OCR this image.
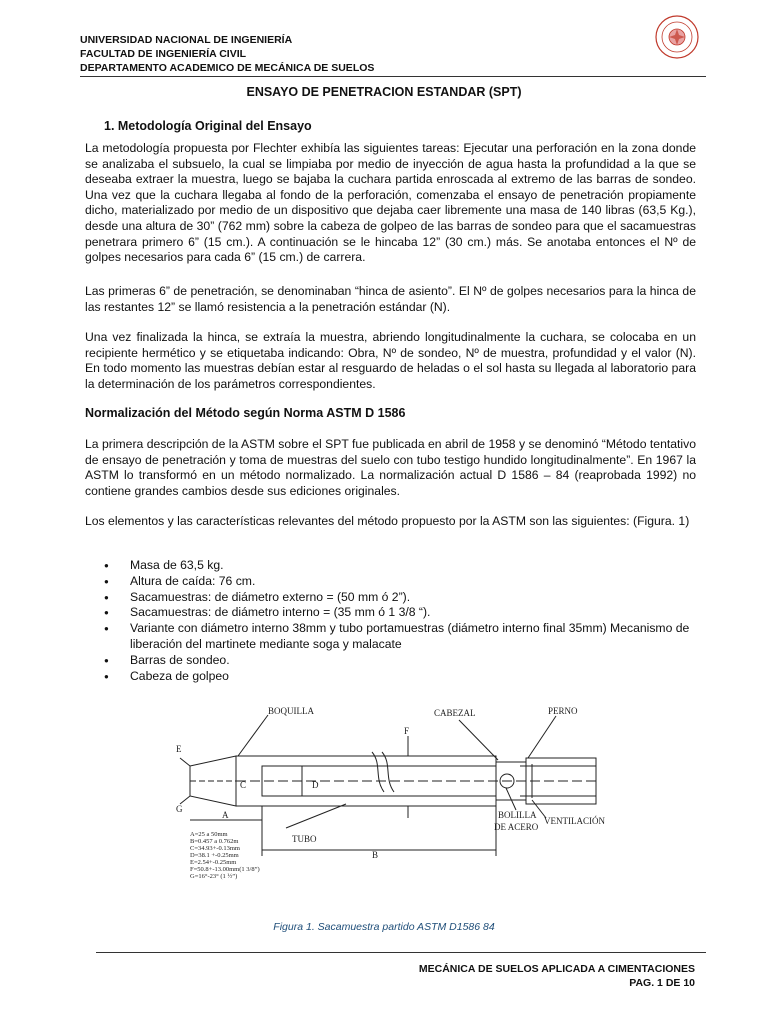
UNIVERSIDAD NACIONAL DE INGENIERÍA
FACULTAD DE INGENIERÍA CIVIL
DEPARTAMENTO ACADEMICO DE MECÁNICA DE SUELOS
ENSAYO DE PENETRACION ESTANDAR (SPT)
1. Metodología Original del Ensayo

La metodología propuesta por Flechter exhibía las siguientes tareas: Ejecutar una perforación en la zona donde se analizaba el subsuelo, la cual se limpiaba por medio de inyección de agua hasta la profundidad a la que se deseaba extraer la muestra, luego se bajaba la cuchara partida enroscada al extremo de las barras de sondeo. Una vez que la cuchara llegaba al fondo de la perforación, comenzaba el ensayo de penetración propiamente dicho, materializado por medio de un dispositivo que dejaba caer libremente una masa de 140 libras (63,5 Kg.), desde una altura de 30” (762 mm) sobre la cabeza de golpeo de las barras de sondeo para que el sacamuestras penetrara primero 6” (15 cm.). A continuación se le hincaba 12” (30 cm.) más. Se anotaba entonces el Nº de golpes necesarios para cada 6” (15 cm.) de carrera.

Las primeras 6” de penetración, se denominaban “hinca de asiento”. El Nº de golpes necesarios para la hinca de las restantes 12” se llamó resistencia a la penetración estándar (N).

Una vez finalizada la hinca, se extraía la muestra, abriendo longitudinalmente la cuchara, se colocaba en un recipiente hermético y se etiquetaba indicando: Obra, Nº de sondeo, Nº de muestra, profundidad y el valor (N). En todo momento las muestras debían estar al resguardo de heladas o el sol hasta su llegada al laboratorio para la determinación de los parámetros correspondientes.

Normalización del Método según Norma ASTM D 1586

La primera descripción de la ASTM sobre el SPT fue publicada en abril de 1958 y se denominó “Método tentativo de ensayo de penetración y toma de muestras del suelo con tubo testigo hundido longitudinalmente”. En 1967 la ASTM lo transformó en un método normalizado. La normalización actual D 1586 – 84 (reaprobada 1992) no contiene grandes cambios desde sus ediciones originales.

Los elementos y las características relevantes del método propuesto por la ASTM son las siguientes: (Figura. 1)

● Masa de 63,5 kg.
● Altura de caída: 76 cm.
● Sacamuestras: de diámetro externo = (50 mm ó 2”).
● Sacamuestras: de diámetro interno = (35 mm ó 1 3/8 “).
● Variante con diámetro interno 38mm y tubo portamuestras (diámetro interno final 35mm) Mecanismo de liberación del martinete mediante soga y malacate
● Barras de sondeo.
● Cabeza de golpeo
BOQUILLA	CABEZAL	PERNO
TUBO
BOLILLA
DE ACERO
VENTILACIÓN
E
F
G
C	D
A
B
A=25 a 50mm
B=0.457 a 0.762m
C=34.93+-0.13mm
D=38.1 +-0.25mm
E=2.54+-0.25mm
F=50.8+-13.00mm(1 3/8”)
G=16°-23° (1 ½”)
Figura 1. Sacamuestra partido ASTM D1586 84
MECÁNICA DE SUELOS APLICADA A CIMENTACIONES
PAG. 1 DE 10
